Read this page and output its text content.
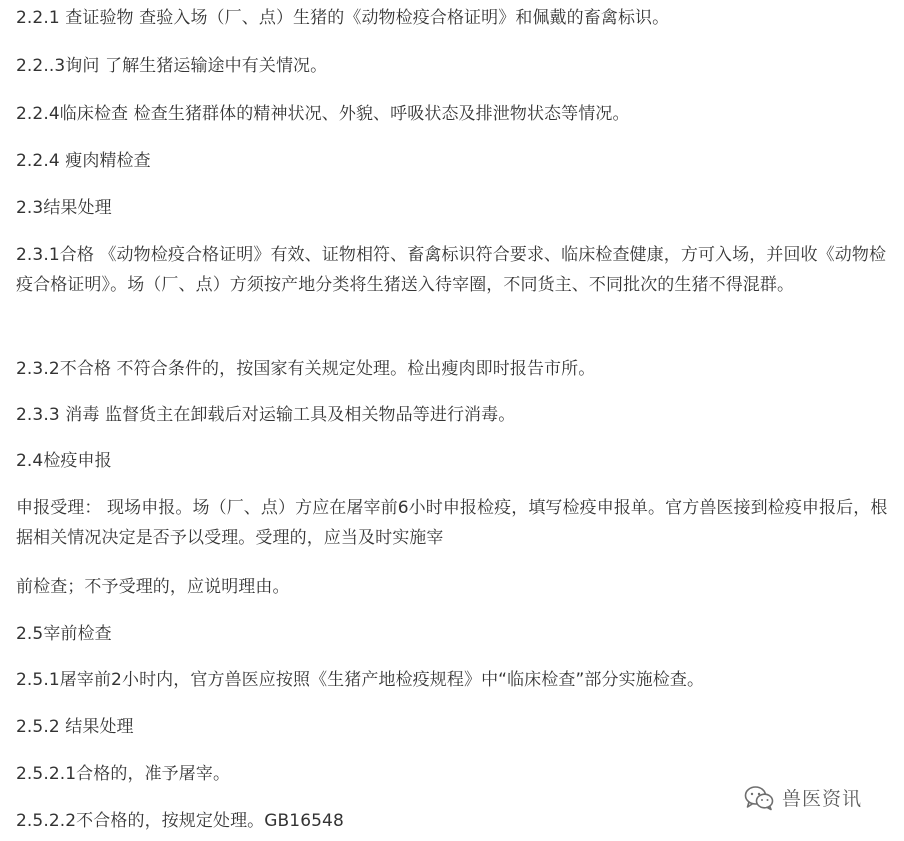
2.2.1 查证验物 查验入场（厂、点）生猪的《动物检疫合格证明》和佩戴的畜禽标识。

2.2..3询问 了解生猪运输途中有关情况。

2.2.4临床检查 检查生猪群体的精神状况、外貌、呼吸状态及排泄物状态等情况。

2.2.4 瘦肉精检查

2.3结果处理

2.3.1合格 《动物检疫合格证明》有效、证物相符、畜禽标识符合要求、临床检查健康，方可入场，并回收《动物检疫合格证明》。场（厂、点）方须按产地分类将生猪送入待宰圈，不同货主、不同批次的生猪不得混群。

2.3.2不合格 不符合条件的，按国家有关规定处理。检出瘦肉即时报告市所。

2.3.3 消毒 监督货主在卸载后对运输工具及相关物品等进行消毒。

2.4检疫申报

申报受理： 现场申报。场（厂、点）方应在屠宰前6小时申报检疫，填写检疫申报单。官方兽医接到检疫申报后，根据相关情况决定是否予以受理。受理的，应当及时实施宰

前检查；不予受理的，应说明理由。

2.5宰前检查

2.5.1屠宰前2小时内，官方兽医应按照《生猪产地检疫规程》中“临床检查”部分实施检查。

2.5.2 结果处理

2.5.2.1合格的，准予屠宰。

2.5.2.2不合格的，按规定处理。GB16548

兽医资讯
